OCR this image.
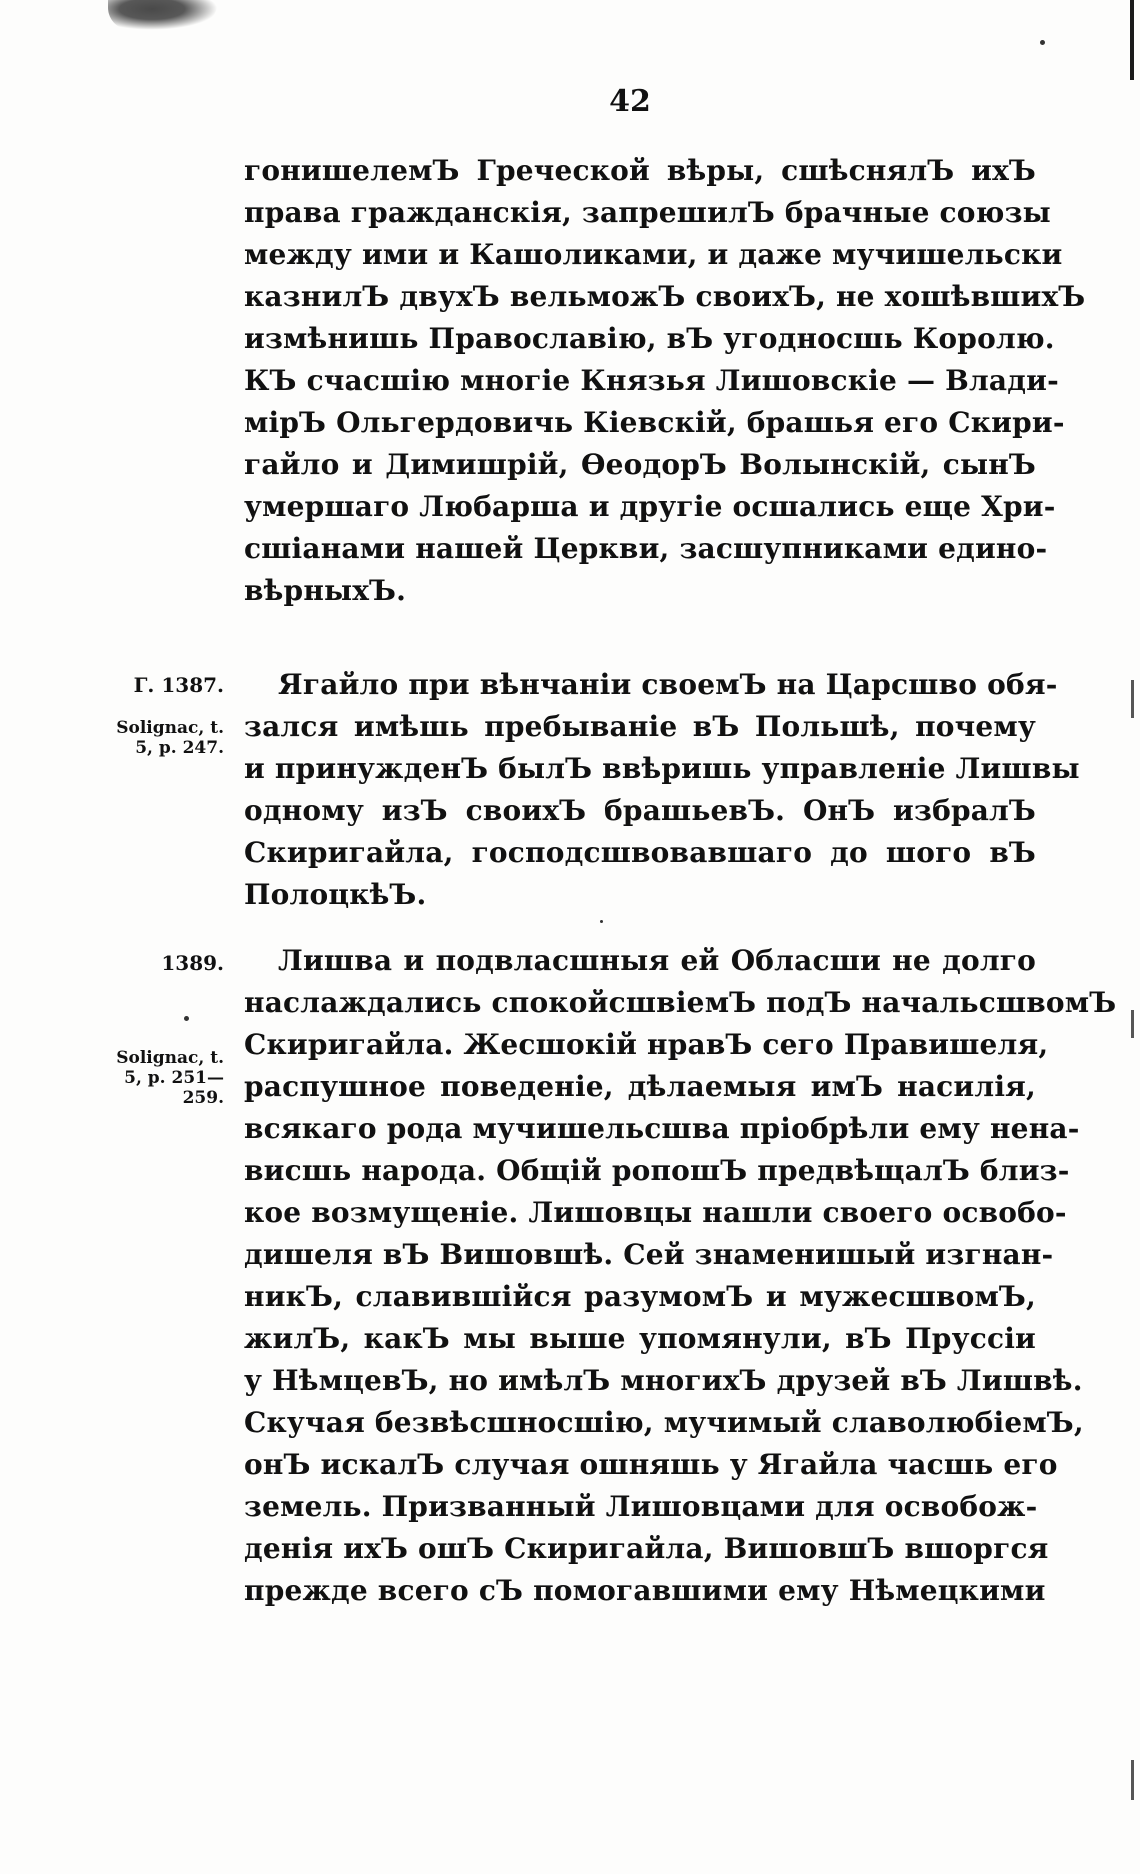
42
гонишелемЪ Греческой вѣры, сшѣснялЪ ихЪ
права гражданскія, запрешилЪ брачные союзы
между ими и Кашоликами, и даже мучишельски
казнилЪ двухЪ вельможЪ своихЪ, не хошѣвшихЪ
измѣнишь Православію, вЪ угодносшь Королю.
КЪ счасшію многіе Князья Лишовскіе — Влади-
мірЪ Ольгердовичь Кіевскій, брашья его Скири-
гайло и Димишрій, ѲеодорЪ Волынскій, сынЪ
умершаго Любарша и другіе осшались еще Хри-
сшіанами нашей Церкви, засшупниками едино-
вѣрныхЪ.
Ягайло при вѣнчаніи своемЪ на Царсшво обя-
зался имѣшь пребываніе вЪ Польшѣ, почему
и принужденЪ былЪ ввѣришь управленіе Лишвы
одному изЪ своихЪ брашьевЪ. ОнЪ избралЪ
Скиригайла, господсшвовавшаго до шого вЪ
ПолоцкѣЪ.
Лишва и подвласшныя ей Обласши не долго
наслаждались спокойсшвіемЪ подЪ начальсшвомЪ
Скиригайла. Жесшокій нравЪ сего Правишеля,
распушное поведеніе, дѣлаемыя имЪ насилія,
всякаго рода мучишельсшва пріобрѣли ему нена-
висшь народа. Общій ропошЪ предвѣщалЪ близ-
кое возмущеніе. Лишовцы нашли своего освобо-
дишеля вЪ Вишовшѣ. Сей знаменишый изгнан-
никЪ, славившійся разумомЪ и мужесшвомЪ,
жилЪ, какЪ мы выше упомянули, вЪ Пруссіи
у НѣмцевЪ, но имѣлЪ многихЪ друзей вЪ Лишвѣ.
Скучая безвѣсшносшію, мучимый славолюбіемЪ,
онЪ искалЪ случая ошняшь у Ягайла часшь его
земель. Призванный Лишовцами для освобож-
денія ихЪ ошЪ Скиригайла, ВишовшЪ вшоргся
прежде всего сЪ помогавшими ему Нѣмецкими
Г. 1387.
Solignac, t.
5, p. 247.
1389.
Solignac, t.
5, p. 251—
259.
